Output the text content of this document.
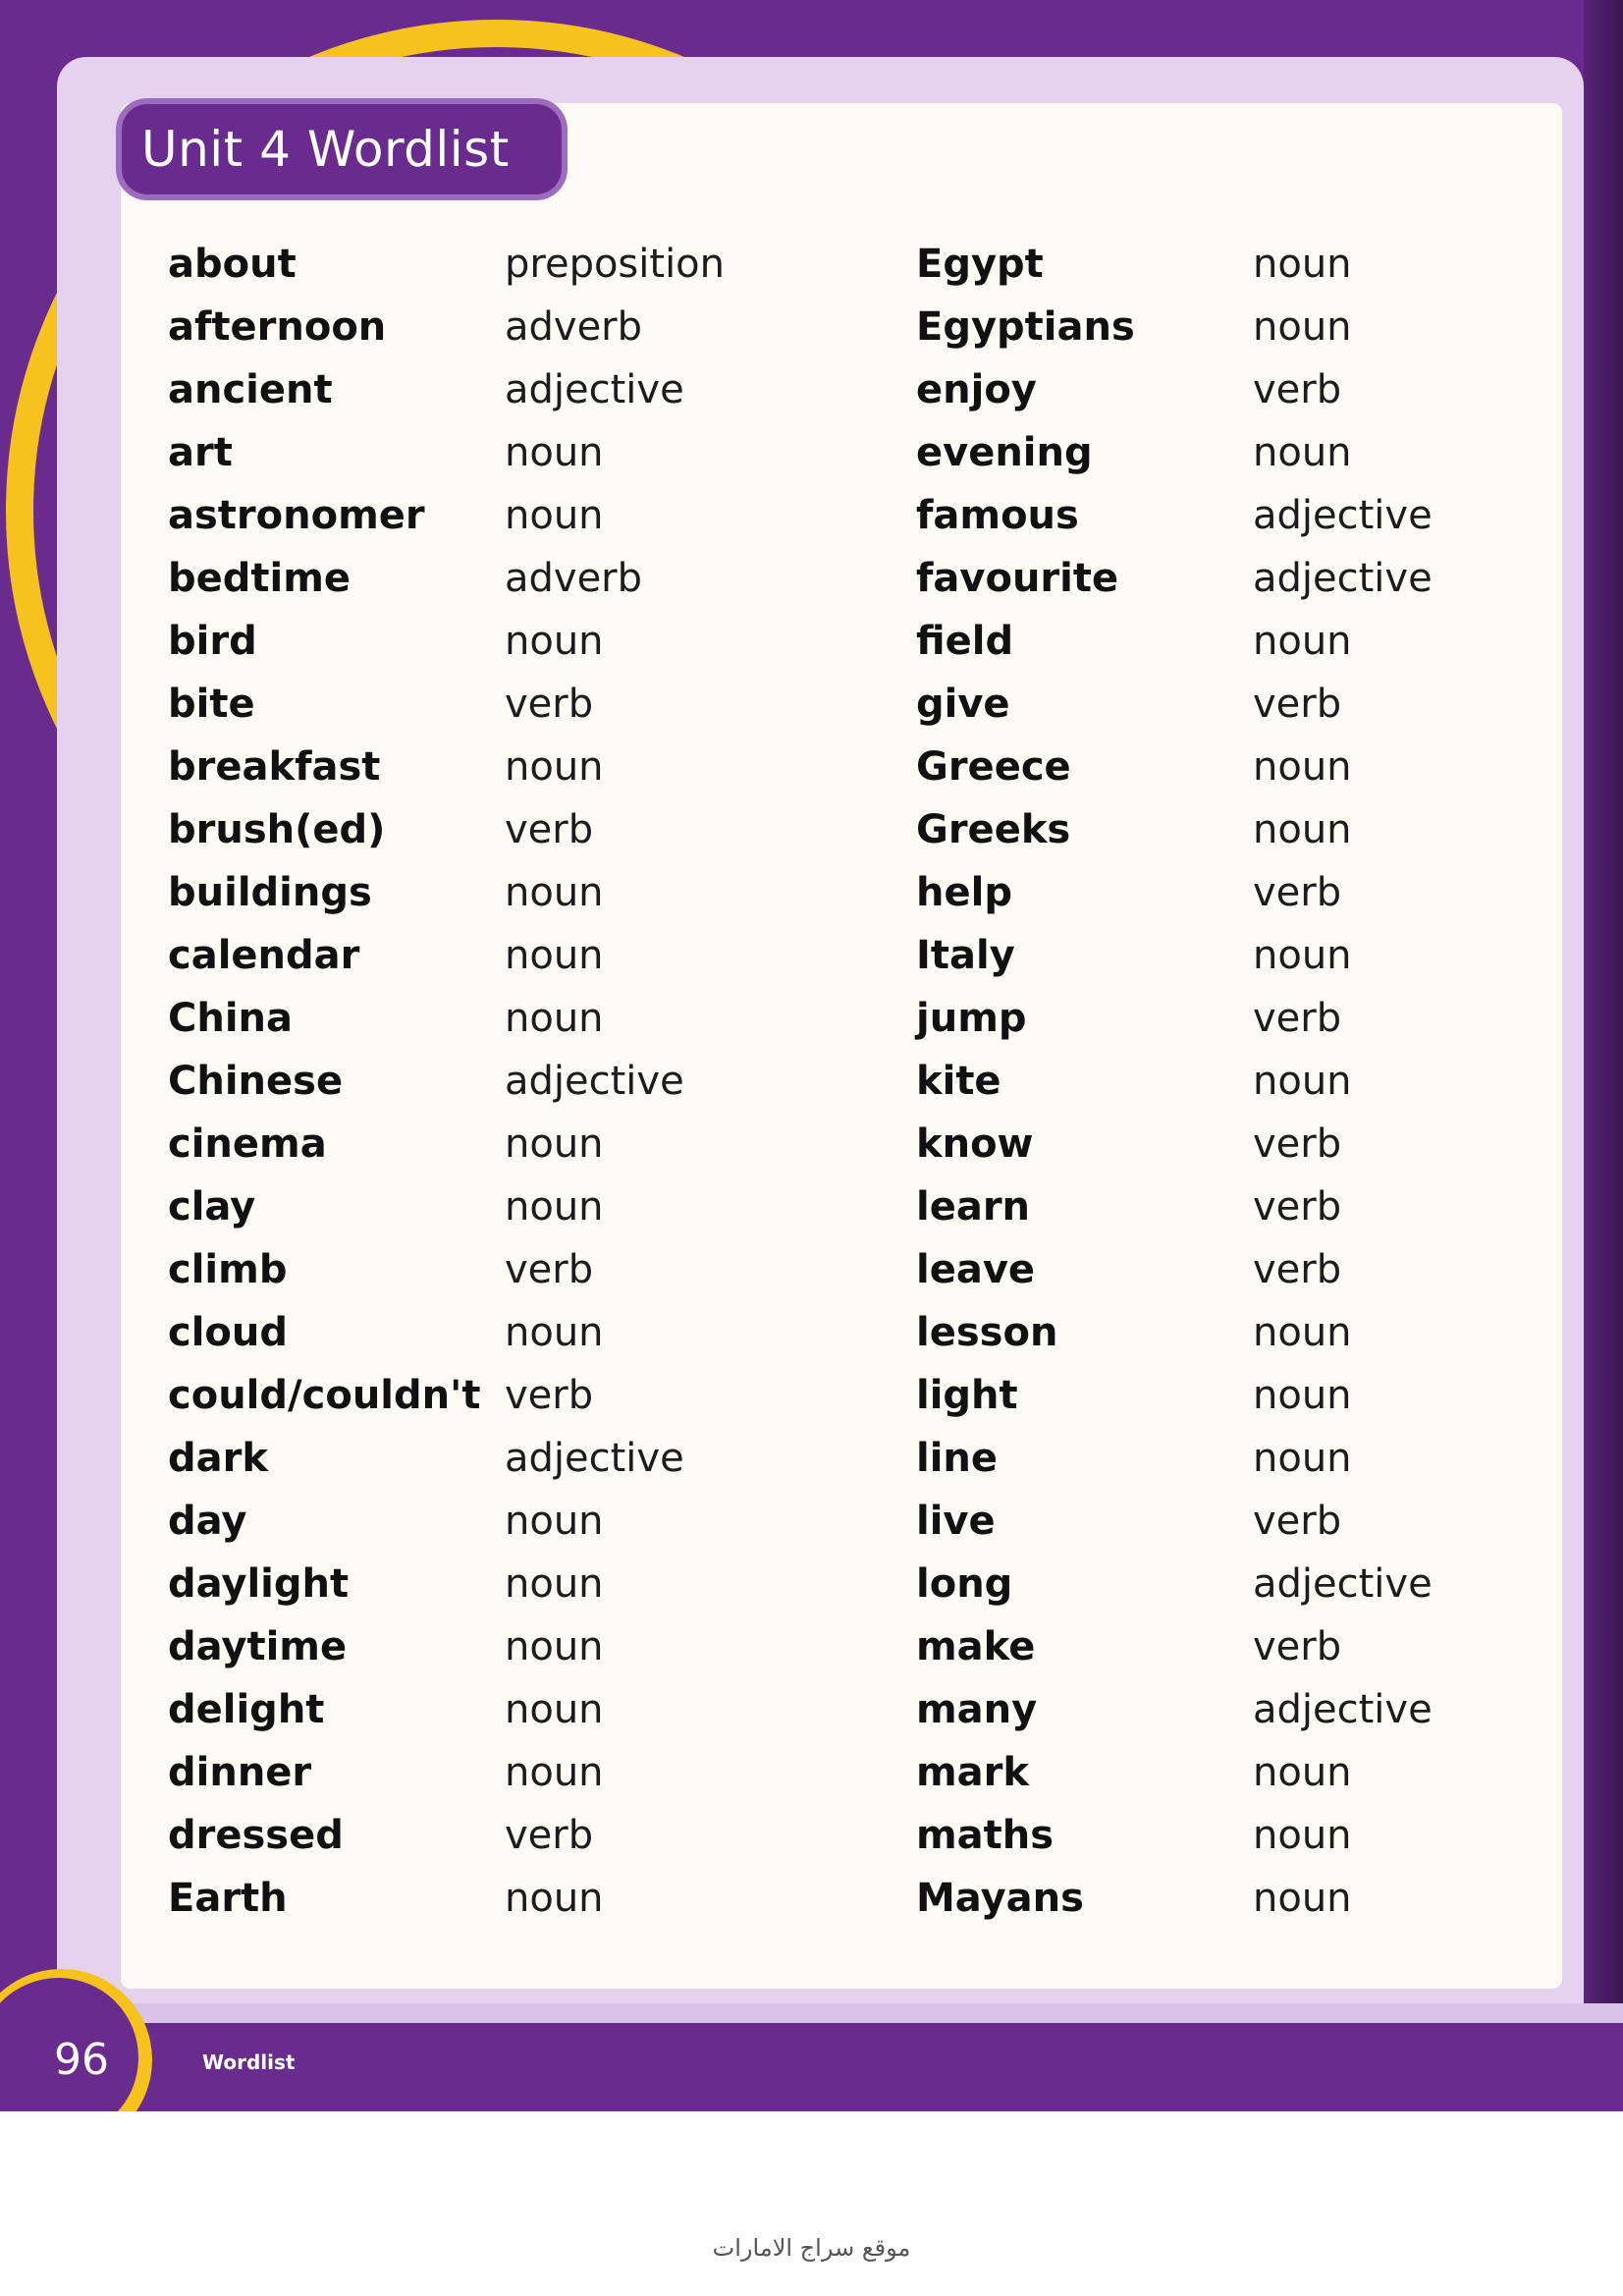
96	Wordlist
Unit 4 Wordlist
about	preposition
afternoon	adverb
ancient	adjective
art	noun
astronomer noun
bedtime	adverb
bird	noun
bite	verb
breakfast	noun
brush(ed)	verb
buildings	noun
calendar	noun
China	noun
Chinese	adjective
cinema	noun
clay	noun
climb	verb
cloud	noun
could/couldn't verb
dark	adjective
day	noun
daylight	noun
daytime	noun
delight	noun
dinner	noun
dressed	verb
Earth	noun
Egypt	noun
Egyptians	noun
enjoy	verb
evening	noun
famous	adjective
favourite	adjective
field	noun
give	verb
Greece	noun
Greeks	noun
help	verb
Italy	noun
jump	verb
kite	noun
know	verb
learn	verb
leave	verb
lesson	noun
light	noun
line	noun
live	verb
long	adjective
make	verb
many	adjective
mark	noun
maths	noun
Mayans	noun
موقع سراج الامارات
